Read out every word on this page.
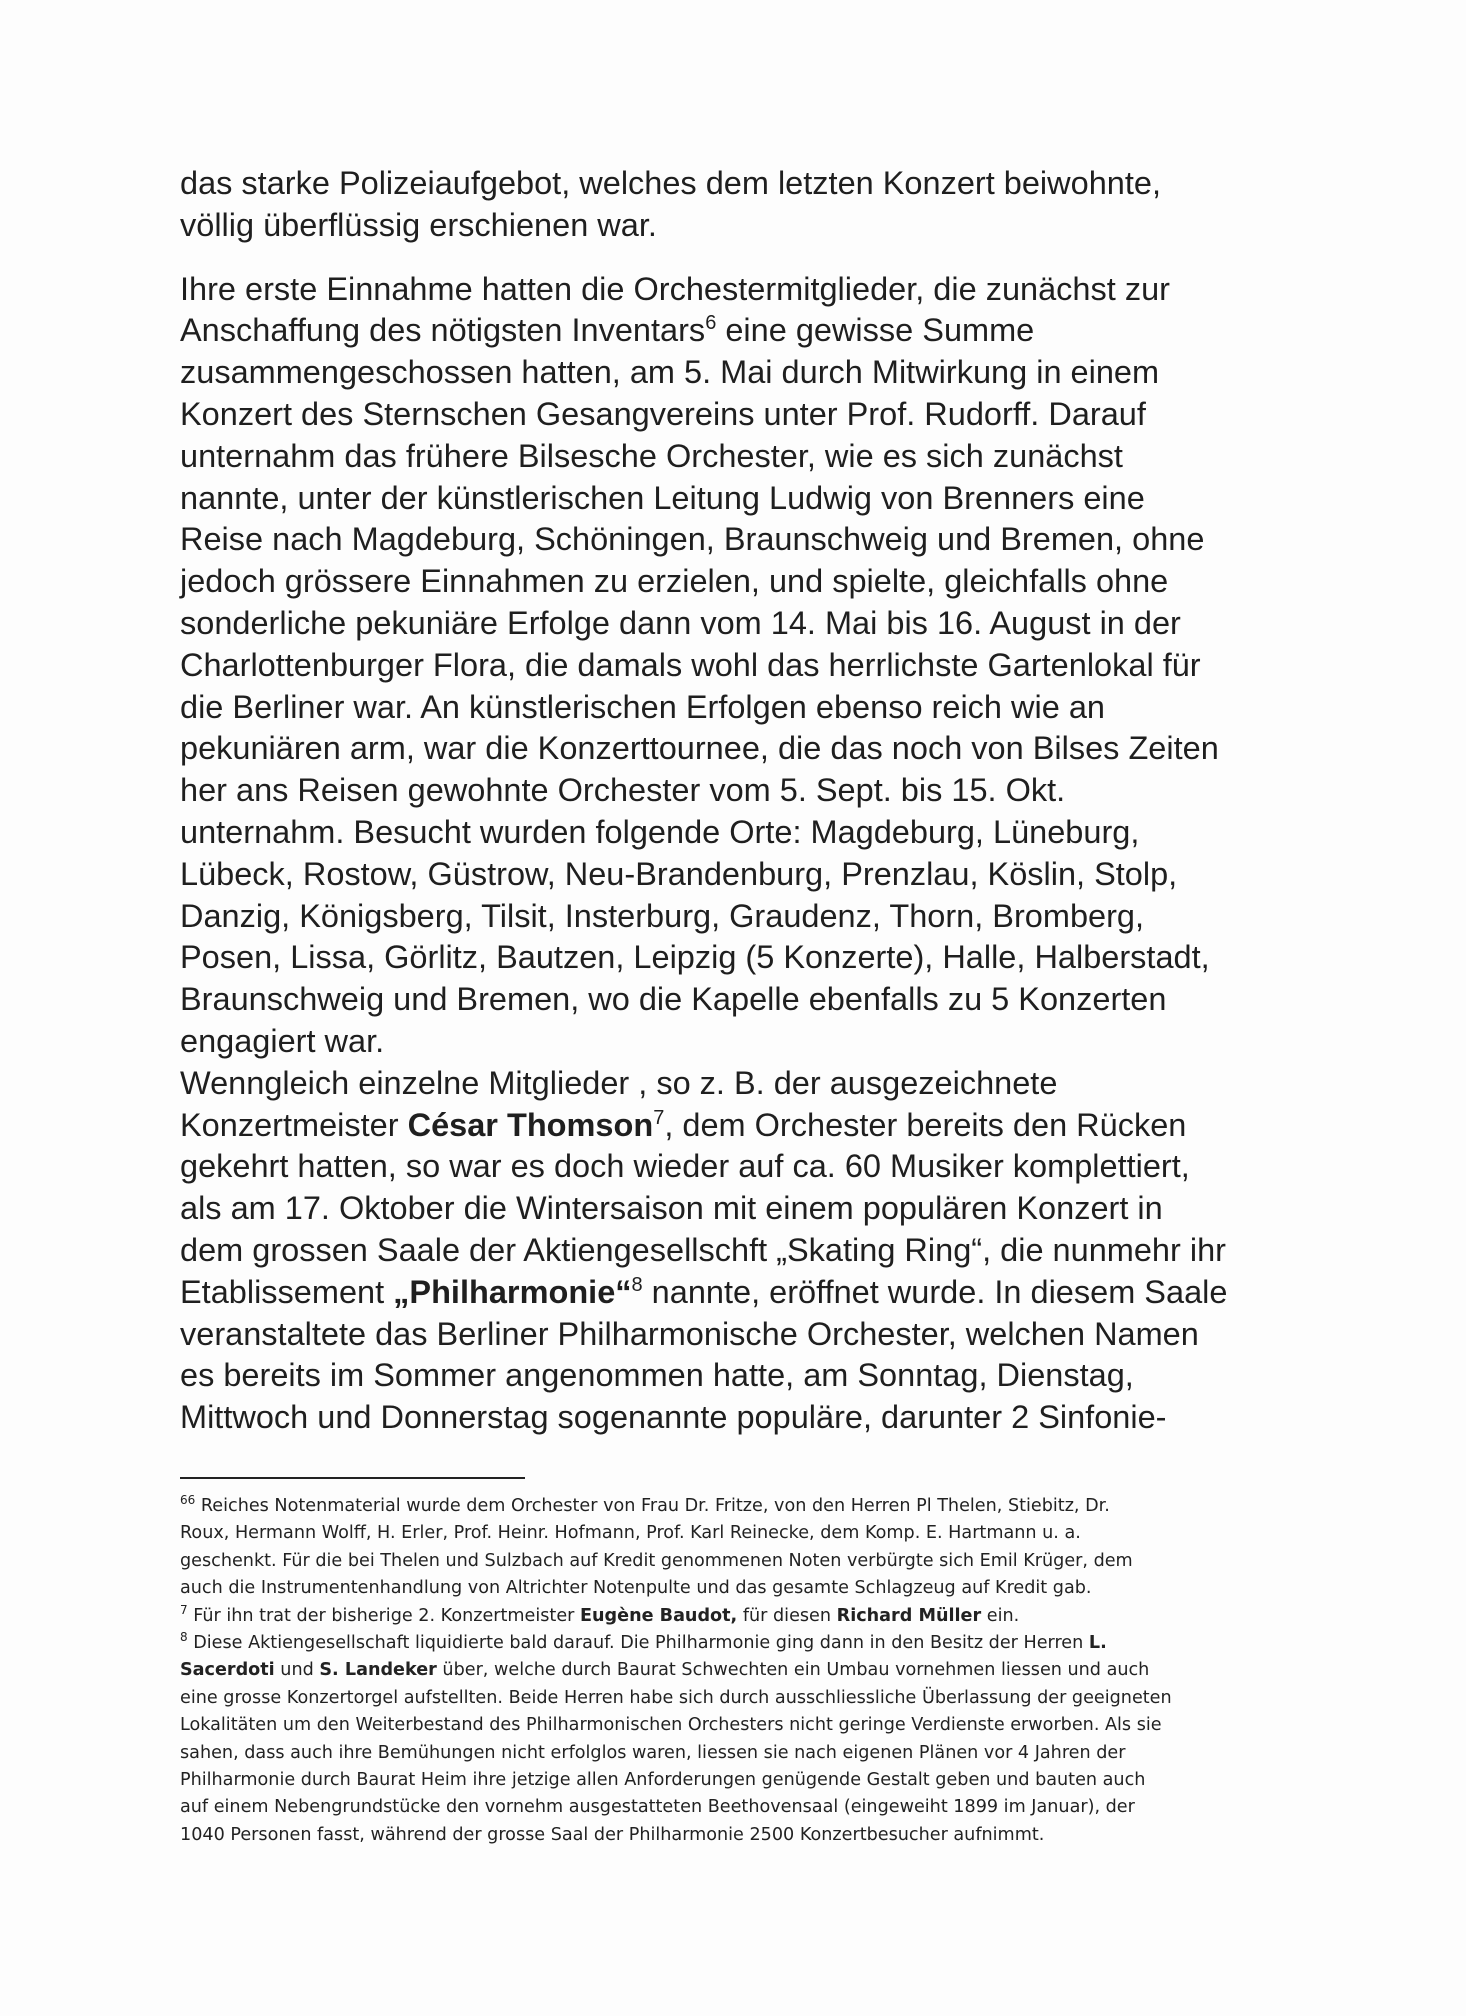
das starke Polizeiaufgebot, welches dem letzten Konzert beiwohnte,
völlig überflüssig erschienen war.

Ihre erste Einnahme hatten die Orchestermitglieder, die zunächst zur
Anschaffung des nötigsten Inventars$^6$ eine gewisse Summe
zusammengeschossen hatten, am 5. Mai durch Mitwirkung in einem
Konzert des Sternschen Gesangvereins unter Prof. Rudorff. Darauf
unternahm das frühere Bilsesche Orchester, wie es sich zunächst
nannte, unter der künstlerischen Leitung Ludwig von Brenners eine
Reise nach Magdeburg, Schöningen, Braunschweig und Bremen, ohne
jedoch grössere Einnahmen zu erzielen, und spielte, gleichfalls ohne
sonderliche pekuniäre Erfolge dann vom 14. Mai bis 16. August in der
Charlottenburger Flora, die damals wohl das herrlichste Gartenlokal für
die Berliner war. An künstlerischen Erfolgen ebenso reich wie an
pekuniären arm, war die Konzerttournee, die das noch von Bilses Zeiten
her ans Reisen gewohnte Orchester vom 5. Sept. bis 15. Okt.
unternahm. Besucht wurden folgende Orte: Magdeburg, Lüneburg,
Lübeck, Rostow, Güstrow, Neu-Brandenburg, Prenzlau, Köslin, Stolp,
Danzig, Königsberg, Tilsit, Insterburg, Graudenz, Thorn, Bromberg,
Posen, Lissa, Görlitz, Bautzen, Leipzig (5 Konzerte), Halle, Halberstadt,
Braunschweig und Bremen, wo die Kapelle ebenfalls zu 5 Konzerten
engagiert war.

Wenngleich einzelne Mitglieder , so z. B. der ausgezeichnete
Konzertmeister César Thomson$^7$, dem Orchester bereits den Rücken
gekehrt hatten, so war es doch wieder auf ca. 60 Musiker komplettiert,
als am 17. Oktober die Wintersaison mit einem populären Konzert in
dem grossen Saale der Aktiengesellschft „Skating Ring“, die nunmehr ihr
Etablissement „Philharmonie“$^8$ nannte, eröffnet wurde. In diesem Saale
veranstaltete das Berliner Philharmonische Orchester, welchen Namen
es bereits im Sommer angenommen hatte, am Sonntag, Dienstag,
Mittwoch und Donnerstag sogenannte populäre, darunter 2 Sinfonie-

$^{66}$ Reiches Notenmaterial wurde dem Orchester von Frau Dr. Fritze, von den Herren Pl Thelen, Stiebitz, Dr.
Roux, Hermann Wolff, H. Erler, Prof. Heinr. Hofmann, Prof. Karl Reinecke, dem Komp. E. Hartmann u. a.
geschenkt. Für die bei Thelen und Sulzbach auf Kredit genommenen Noten verbürgte sich Emil Krüger, dem
auch die Instrumentenhandlung von Altrichter Notenpulte und das gesamte Schlagzeug auf Kredit gab.

$^7$ Für ihn trat der bisherige 2. Konzertmeister Eugène Baudot, für diesen Richard Müller ein.

$^8$ Diese Aktiengesellschaft liquidierte bald darauf. Die Philharmonie ging dann in den Besitz der Herren L.
Sacerdoti und S. Landeker über, welche durch Baurat Schwechten ein Umbau vornehmen liessen und auch
eine grosse Konzertorgel aufstellten. Beide Herren habe sich durch ausschliessliche Überlassung der geeigneten
Lokalitäten um den Weiterbestand des Philharmonischen Orchesters nicht geringe Verdienste erworben. Als sie
sahen, dass auch ihre Bemühungen nicht erfolglos waren, liessen sie nach eigenen Plänen vor 4 Jahren der
Philharmonie durch Baurat Heim ihre jetzige allen Anforderungen genügende Gestalt geben und bauten auch
auf einem Nebengrundstücke den vornehm ausgestatteten Beethovensaal (eingeweiht 1899 im Januar), der
1040 Personen fasst, während der grosse Saal der Philharmonie 2500 Konzertbesucher aufnimmt.
